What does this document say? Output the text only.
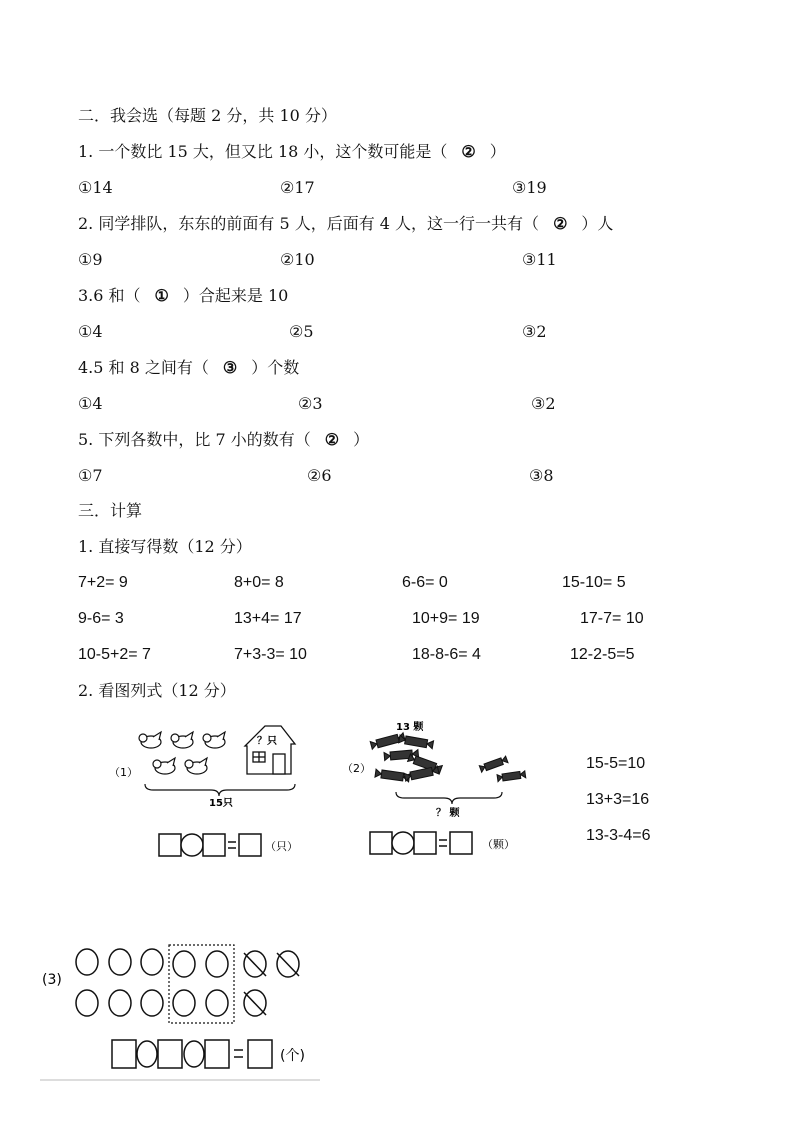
二．我会选（每题 2 分，共 10 分）
1. 一个数比 15 大，但又比 18 小，这个数可能是（ ② ）
①14	②17	③19
2. 同学排队，东东的前面有 5 人，后面有 4 人，这一行一共有（ ② ）人
①9	②10	③11
3.6 和（ ① ）合起来是 10
①4	②5	③2
4.5 和 8 之间有（ ③ ）个数
①4	②3	③2
5. 下列各数中，比 7 小的数有（ ② ）
①7	②6	③8
三．计算
1. 直接写得数（12 分）
7+2= 9	8+0= 8	6-6= 0	15-10= 5
9-6= 3	13+4= 17	10+9= 19	17-7= 10
10-5+2= 7	7+3-3= 10	18-8-6= 4	12-2-5=5
2. 看图列式（12 分）
（1）
？只
15只
（只）
（2）
13 颗
？ 颗
（颗）
15-5=10
13+3=16
13-3-4=6
(3)
(个)
